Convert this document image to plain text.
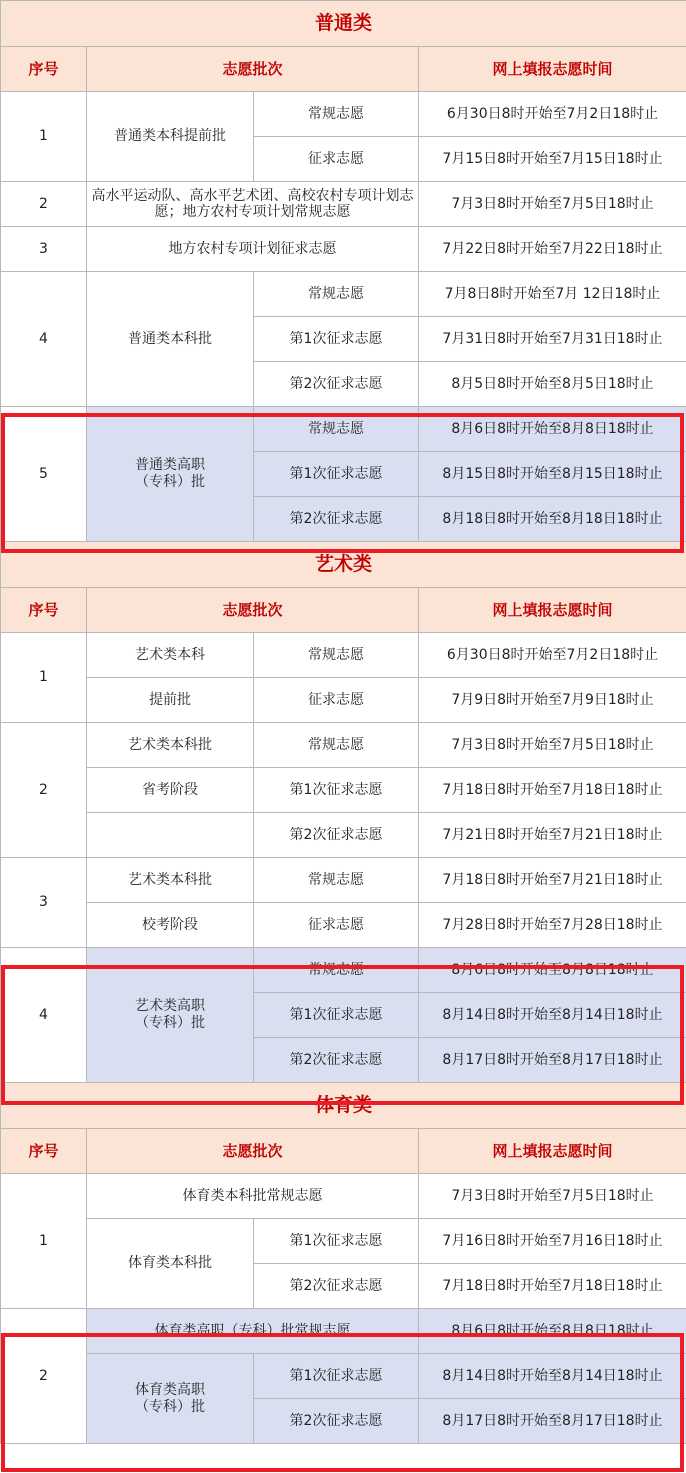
普通类			
序号	志愿批次		网上填报志愿时间
1	普通类本科提前批	常规志愿	6月30日8时开始至7月2日18时止
		征求志愿	7月15日8时开始至7月15日18时止
2	高水平运动队、高水平艺术团、高校农村专项计划志愿；地方农村专项计划常规志愿		7月3日8时开始至7月5日18时止
3	地方农村专项计划征求志愿		7月22日8时开始至7月22日18时止
4	普通类本科批	常规志愿	7月8日8时开始至7月 12日18时止
		第1次征求志愿	7月31日8时开始至7月31日18时止
		第2次征求志愿	8月5日8时开始至8月5日18时止
5	普通类高职
（专科）批	常规志愿	8月6日8时开始至8月8日18时止
		第1次征求志愿	8月15日8时开始至8月15日18时止
		第2次征求志愿	8月18日8时开始至8月18日18时止
艺术类			
序号	志愿批次		网上填报志愿时间
1	艺术类本科	常规志愿	6月30日8时开始至7月2日18时止
	提前批	征求志愿	7月9日8时开始至7月9日18时止
2	艺术类本科批	常规志愿	7月3日8时开始至7月5日18时止
	省考阶段	第1次征求志愿	7月18日8时开始至7月18日18时止
		第2次征求志愿	7月21日8时开始至7月21日18时止
3	艺术类本科批	常规志愿	7月18日8时开始至7月21日18时止
	校考阶段	征求志愿	7月28日8时开始至7月28日18时止
4	艺术类高职
（专科）批	常规志愿	8月6日8时开始至8月8日18时止
		第1次征求志愿	8月14日8时开始至8月14日18时止
		第2次征求志愿	8月17日8时开始至8月17日18时止
体育类			
序号	志愿批次		网上填报志愿时间
1	体育类本科批常规志愿		7月3日8时开始至7月5日18时止
	体育类本科批	第1次征求志愿	7月16日8时开始至7月16日18时止
		第2次征求志愿	7月18日8时开始至7月18日18时止
2	体育类高职（专科）批常规志愿		8月6日8时开始至8月8日18时止

	体育类高职
（专科）批	第1次征求志愿	8月14日8时开始至8月14日18时止
		第2次征求志愿	8月17日8时开始至8月17日18时止
